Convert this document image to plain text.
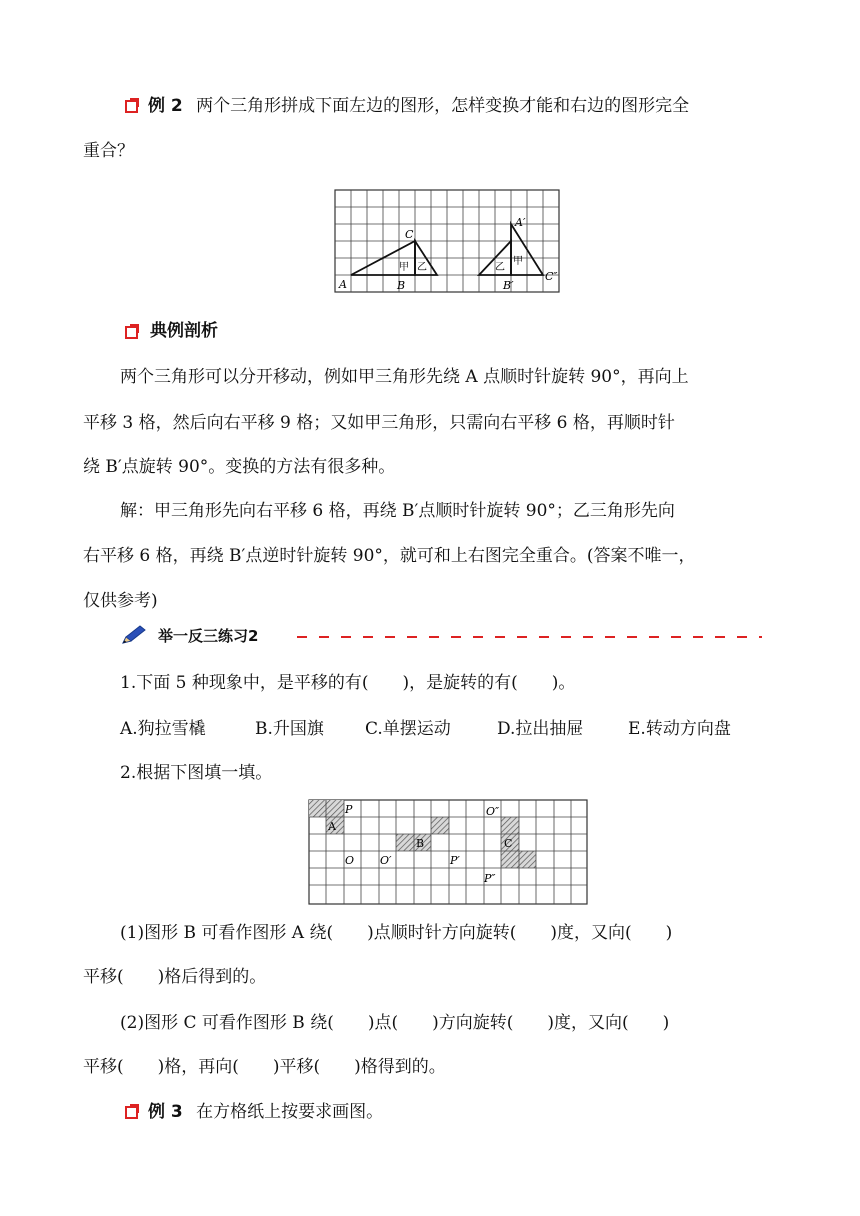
例 2 两个三角形拼成下面左边的图形，怎样变换才能和右边的图形完全
重合？
A	B
C
A′
B′
C″
甲 乙
甲
乙
典例剖析
两个三角形可以分开移动，例如甲三角形先绕 A 点顺时针旋转 90°，再向上
平移 3 格，然后向右平移 9 格；又如甲三角形，只需向右平移 6 格，再顺时针
绕 B′点旋转 90°。变换的方法有很多种。
解：甲三角形先向右平移 6 格，再绕 B′点顺时针旋转 90°；乙三角形先向
右平移 6 格，再绕 B′点逆时针旋转 90°，就可和上右图完全重合。(答案不唯一，
仅供参考)
举一反三练习2
1.下面 5 种现象中，是平移的有(　　)，是旋转的有(　　)。
A.狗拉雪橇	B.升国旗 C.单摆运动	D.拉出抽屉	E.转动方向盘
2.根据下图填一填。
P
A
O O′
B
P′
O″
C
P″
(1)图形 B 可看作图形 A 绕(　　)点顺时针方向旋转(　　)度，又向(　　)
平移(　　)格后得到的。
(2)图形 C 可看作图形 B 绕(　　)点(　　)方向旋转(　　)度，又向(　　)
平移(　　)格，再向(　　)平移(　　)格得到的。
例 3 在方格纸上按要求画图。
